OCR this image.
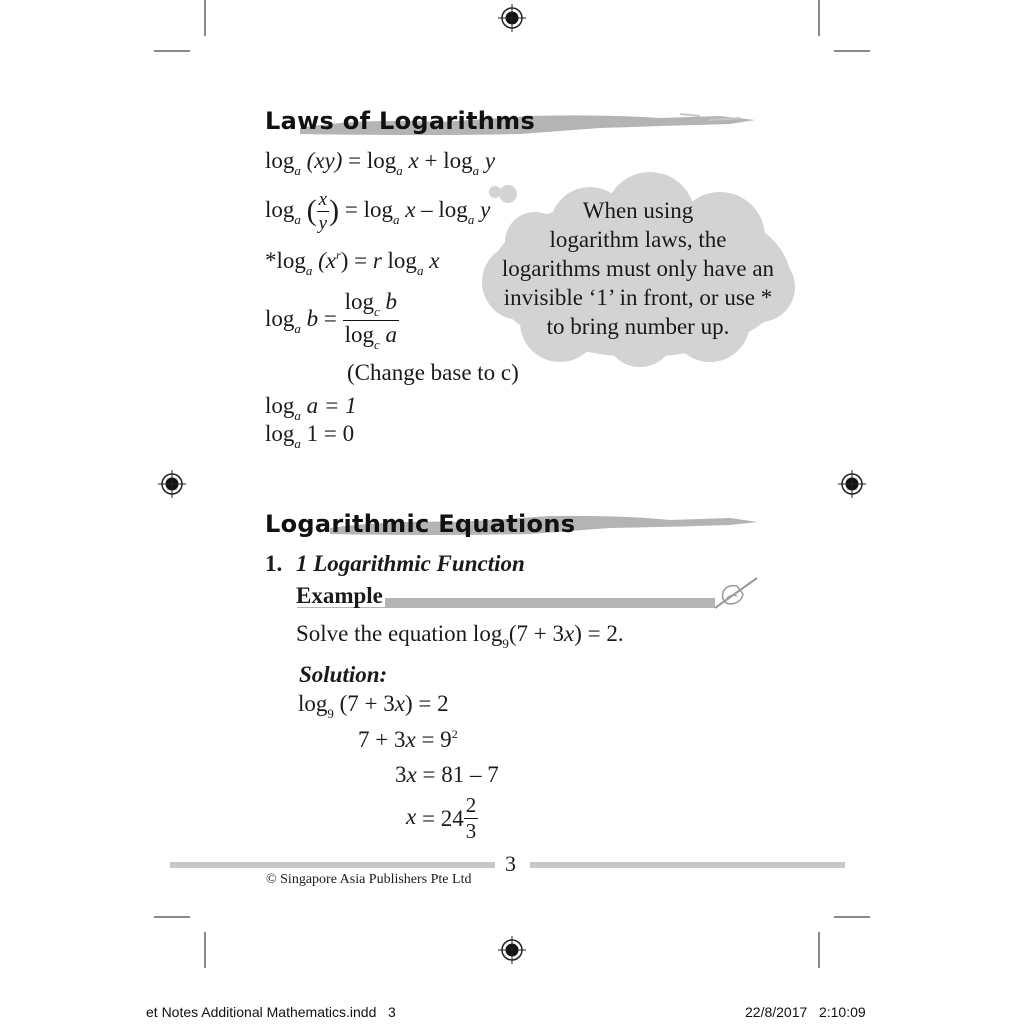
Laws of Logarithms
$\log_a (xy) = \log_a x + \log_a y$
$\log_a$ ( $\frac{x}{y}$ ) = $\log_a x - \log_a y$
$*\log_a$ $(x^r) = r$ $\log_a x$
$\log_a b = \frac{\log_c b}{\log_c a}$
(Change base to c)
$\log_a a = 1$
$\log_a 1 = 0$
When using
logarithm laws, the
logarithms must only have an
invisible ‘1’ in front, or use *
to bring number up.
Logarithmic Equations
1. 1 Logarithmic Function
Example
Solve the equation $\log_9(7 + 3x) = 2$.
Solution:
$\log_9 (7 + 3x) = 2$
$7 + 3x = 9^2$
3x = 81 – 7
$x = 24 \frac{2}{3}$
3
© Singapore Asia Publishers Pte Ltd
et Notes Additional Mathematics.indd   3	22/8/2017   2:10:09
